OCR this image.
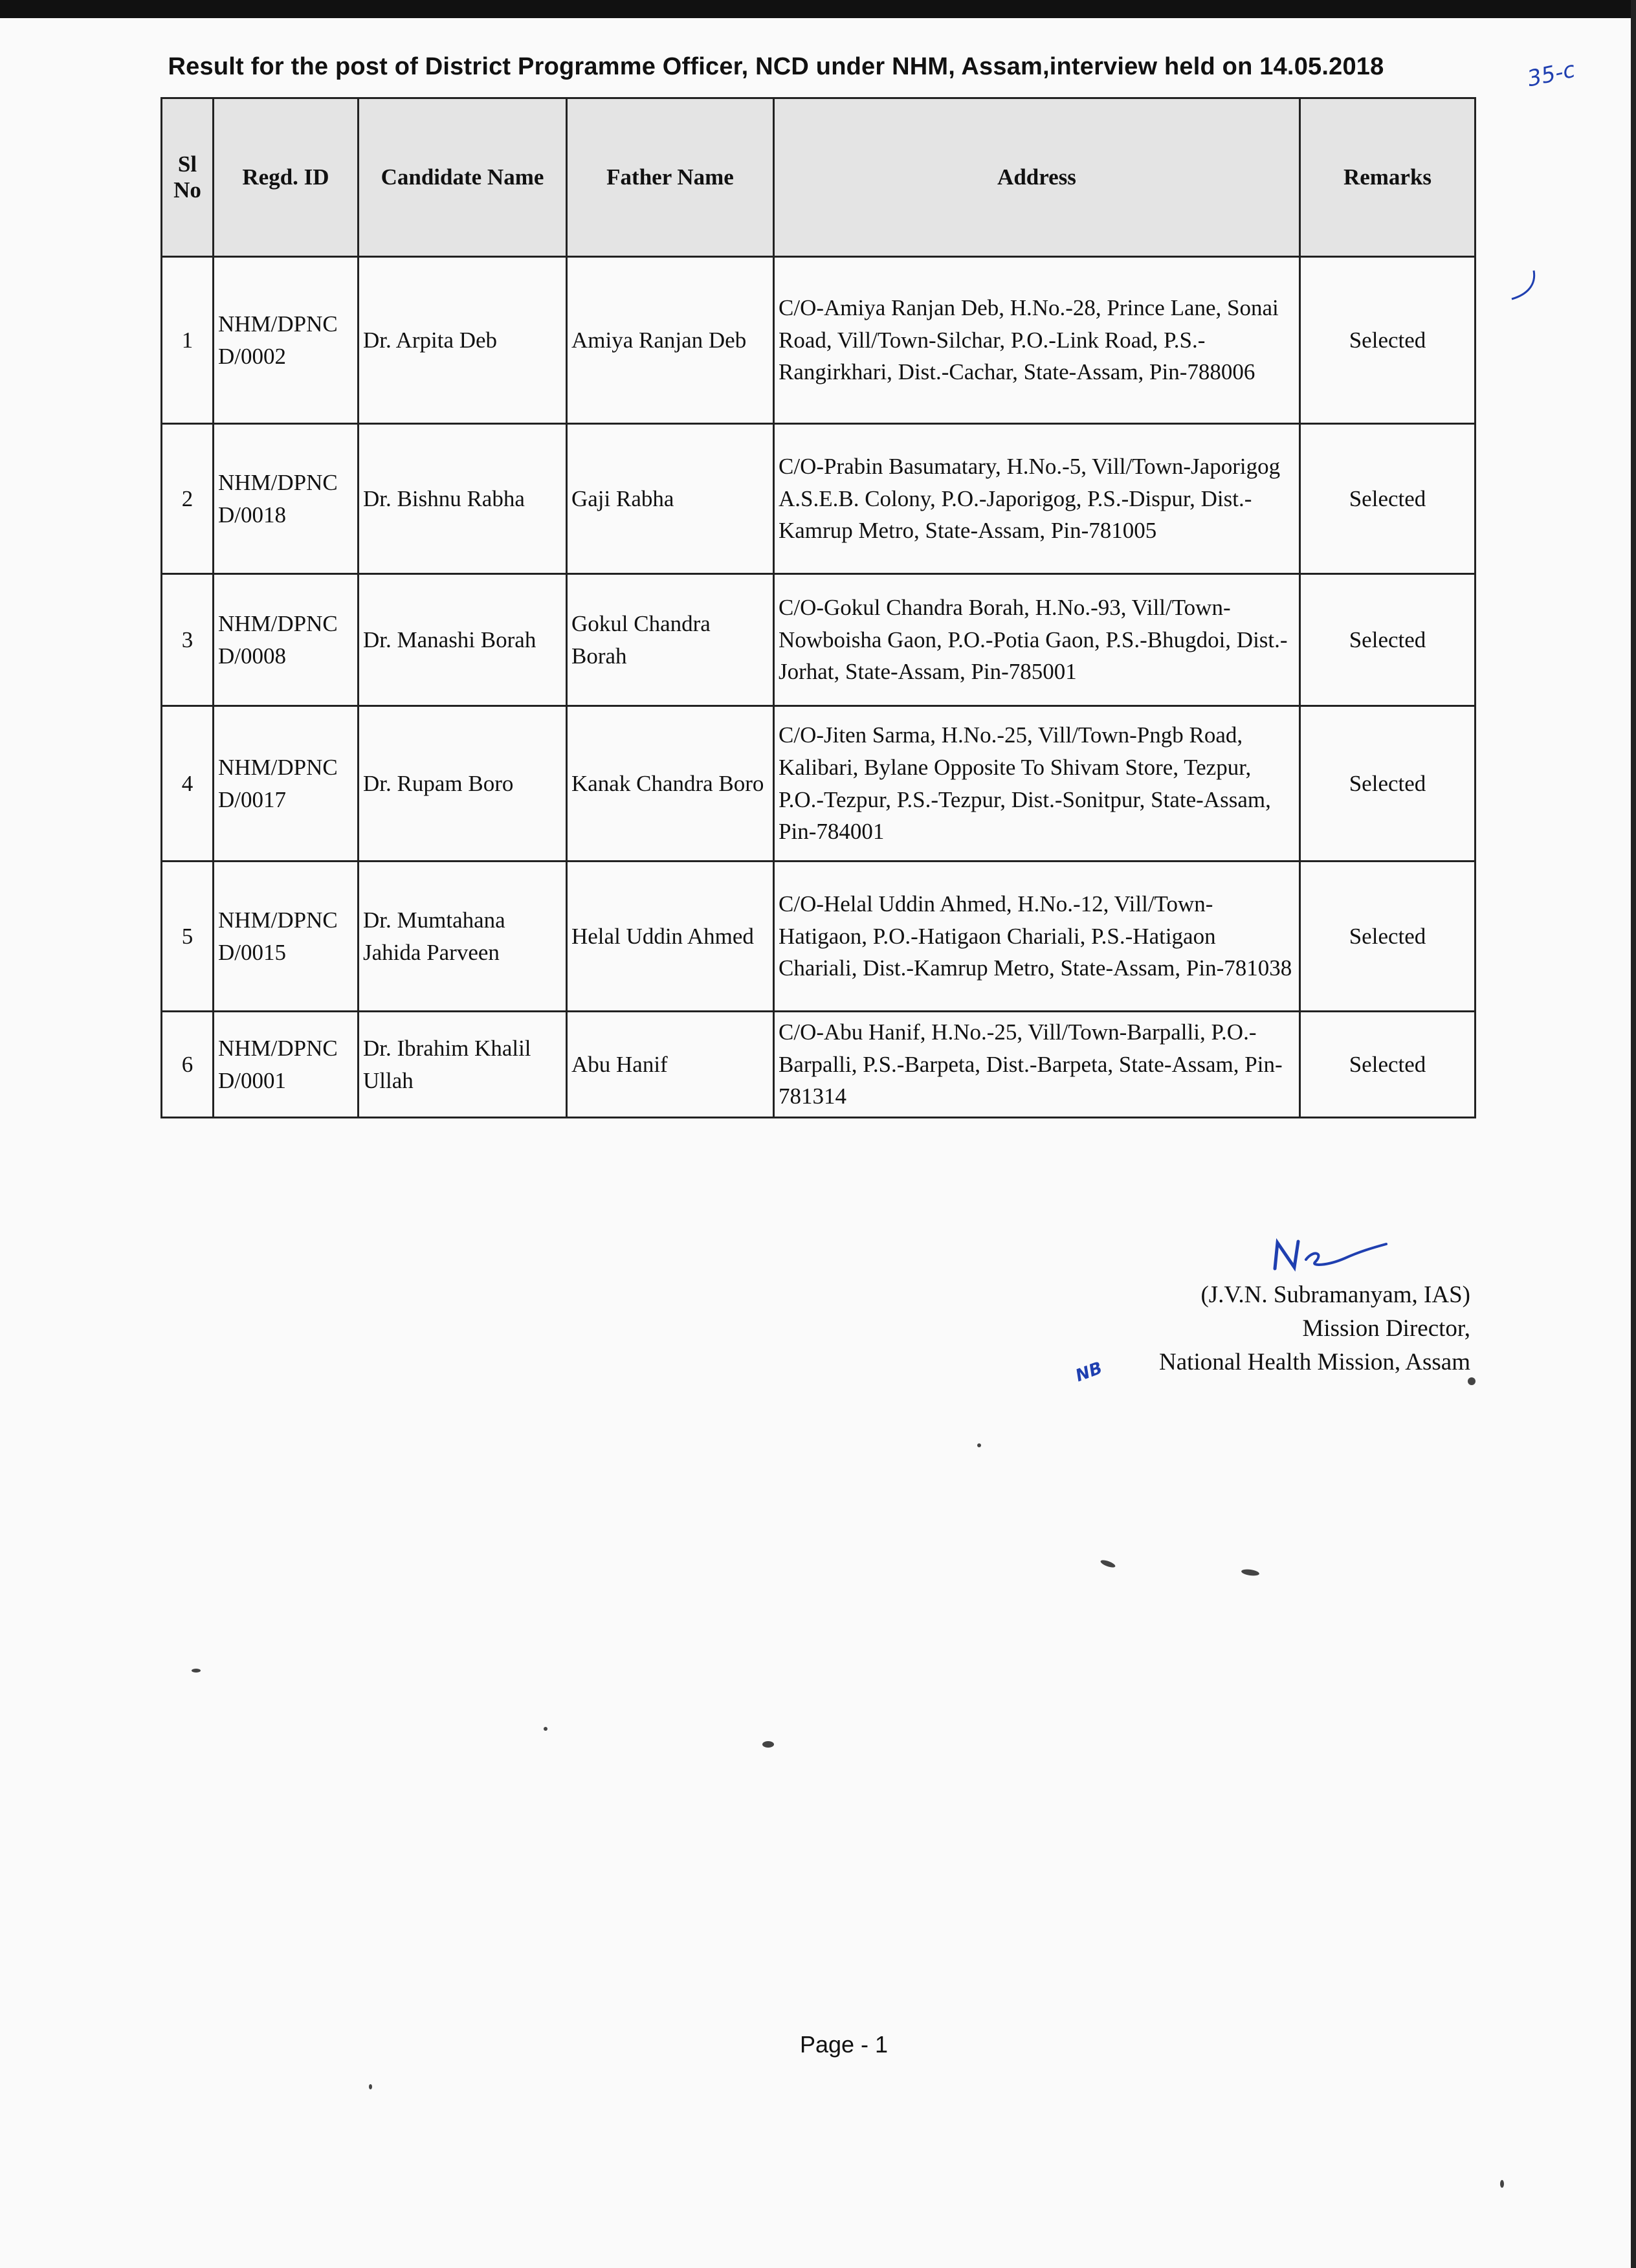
Result for the post of District Programme Officer, NCD under NHM, Assam,interview held on 14.05.2018	35-c
Sl No	Regd. ID	Candidate Name	Father Name	Address	Remarks
1	NHM/DPNCD/0002	Dr. Arpita Deb	Amiya Ranjan Deb	C/O-Amiya Ranjan Deb, H.No.-28, Prince Lane, Sonai Road, Vill/Town-Silchar, P.O.-Link Road, P.S.-Rangirkhari, Dist.-Cachar, State-Assam, Pin-788006	Selected
2	NHM/DPNCD/0018	Dr. Bishnu Rabha	Gaji Rabha	C/O-Prabin Basumatary, H.No.-5, Vill/Town-Japorigog A.S.E.B. Colony, P.O.-Japorigog, P.S.-Dispur, Dist.-Kamrup Metro, State-Assam, Pin-781005	Selected
3	NHM/DPNCD/0008	Dr. Manashi Borah	Gokul Chandra Borah	C/O-Gokul Chandra Borah, H.No.-93, Vill/Town-Nowboisha Gaon, P.O.-Potia Gaon, P.S.-Bhugdoi, Dist.-Jorhat, State-Assam, Pin-785001	Selected
4	NHM/DPNCD/0017	Dr. Rupam Boro	Kanak Chandra Boro	C/O-Jiten Sarma, H.No.-25, Vill/Town-Pngb Road, Kalibari, Bylane Opposite To Shivam Store, Tezpur, P.O.-Tezpur, P.S.-Tezpur, Dist.-Sonitpur, State-Assam, Pin-784001	Selected
5	NHM/DPNCD/0015	Dr. Mumtahana Jahida Parveen	Helal Uddin Ahmed	C/O-Helal Uddin Ahmed, H.No.-12, Vill/Town-Hatigaon, P.O.-Hatigaon Chariali, P.S.-Hatigaon Chariali, Dist.-Kamrup Metro, State-Assam, Pin-781038	Selected
6	NHM/DPNCD/0001	Dr. Ibrahim Khalil Ullah	Abu Hanif	C/O-Abu Hanif, H.No.-25, Vill/Town-Barpalli, P.O.-Barpalli, P.S.-Barpeta, Dist.-Barpeta, State-Assam, Pin-781314	Selected
(J.V.N. Subramanyam, IAS)
Mission Director,
National Health Mission, Assam
NB
Page - 1
